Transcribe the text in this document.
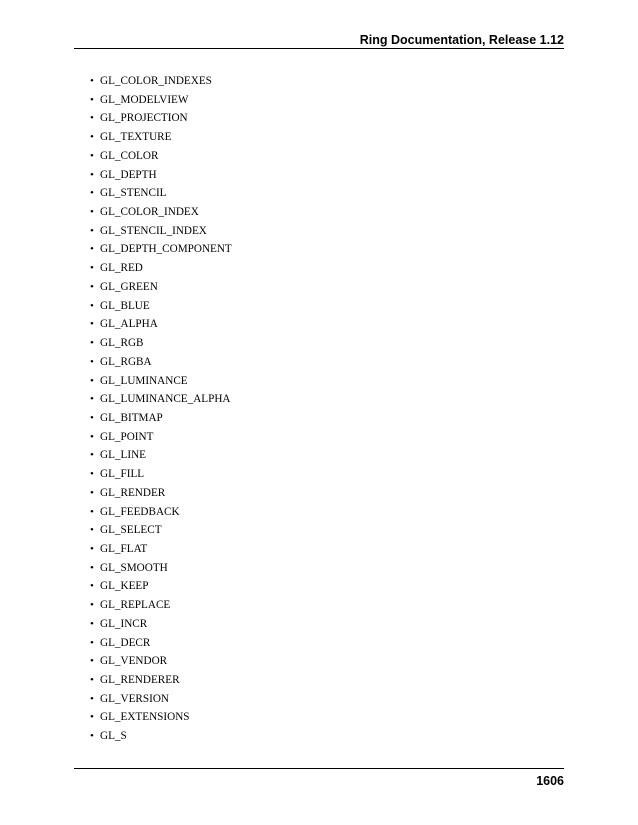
Ring Documentation, Release 1.12
• GL_COLOR_INDEXES
• GL_MODELVIEW
• GL_PROJECTION
• GL_TEXTURE
• GL_COLOR
• GL_DEPTH
• GL_STENCIL
• GL_COLOR_INDEX
• GL_STENCIL_INDEX
• GL_DEPTH_COMPONENT
• GL_RED
• GL_GREEN
• GL_BLUE
• GL_ALPHA
• GL_RGB
• GL_RGBA
• GL_LUMINANCE
• GL_LUMINANCE_ALPHA
• GL_BITMAP
• GL_POINT
• GL_LINE
• GL_FILL
• GL_RENDER
• GL_FEEDBACK
• GL_SELECT
• GL_FLAT
• GL_SMOOTH
• GL_KEEP
• GL_REPLACE
• GL_INCR
• GL_DECR
• GL_VENDOR
• GL_RENDERER
• GL_VERSION
• GL_EXTENSIONS
• GL_S
1606
